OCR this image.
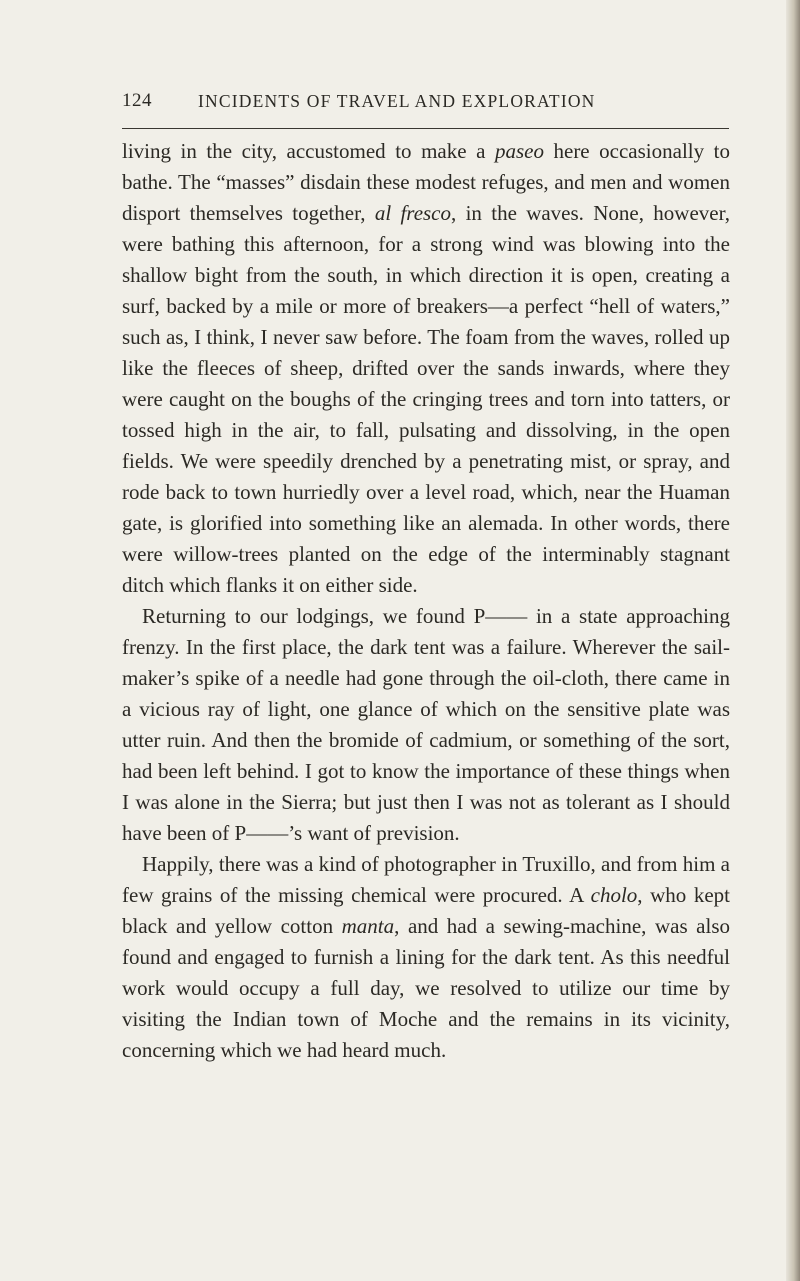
124	INCIDENTS OF TRAVEL AND EXPLORATION

living in the city, accustomed to make a paseo here occasionally to bathe. The “masses” disdain these modest refuges, and men and women disport themselves together, al fresco, in the waves. None, however, were bathing this afternoon, for a strong wind was blowing into the shallow bight from the south, in which direction it is open, creating a surf, backed by a mile or more of breakers—a perfect “hell of waters,” such as, I think, I never saw before. The foam from the waves, rolled up like the fleeces of sheep, drifted over the sands inwards, where they were caught on the boughs of the cringing trees and torn into tatters, or tossed high in the air, to fall, pulsating and dissolving, in the open fields. We were speedily drenched by a penetrating mist, or spray, and rode back to town hurriedly over a level road, which, near the Huaman gate, is glorified into something like an alemada. In other words, there were willow-trees planted on the edge of the interminably stagnant ditch which flanks it on either side.

Returning to our lodgings, we found P—— in a state approaching frenzy. In the first place, the dark tent was a failure. Wherever the sail-maker’s spike of a needle had gone through the oil-cloth, there came in a vicious ray of light, one glance of which on the sensitive plate was utter ruin. And then the bromide of cadmium, or something of the sort, had been left behind. I got to know the importance of these things when I was alone in the Sierra; but just then I was not as tolerant as I should have been of P——’s want of prevision.

Happily, there was a kind of photographer in Truxillo, and from him a few grains of the missing chemical were procured. A cholo, who kept black and yellow cotton manta, and had a sewing-machine, was also found and engaged to furnish a lining for the dark tent. As this needful work would occupy a full day, we resolved to utilize our time by visiting the Indian town of Moche and the remains in its vicinity, concerning which we had heard much.
